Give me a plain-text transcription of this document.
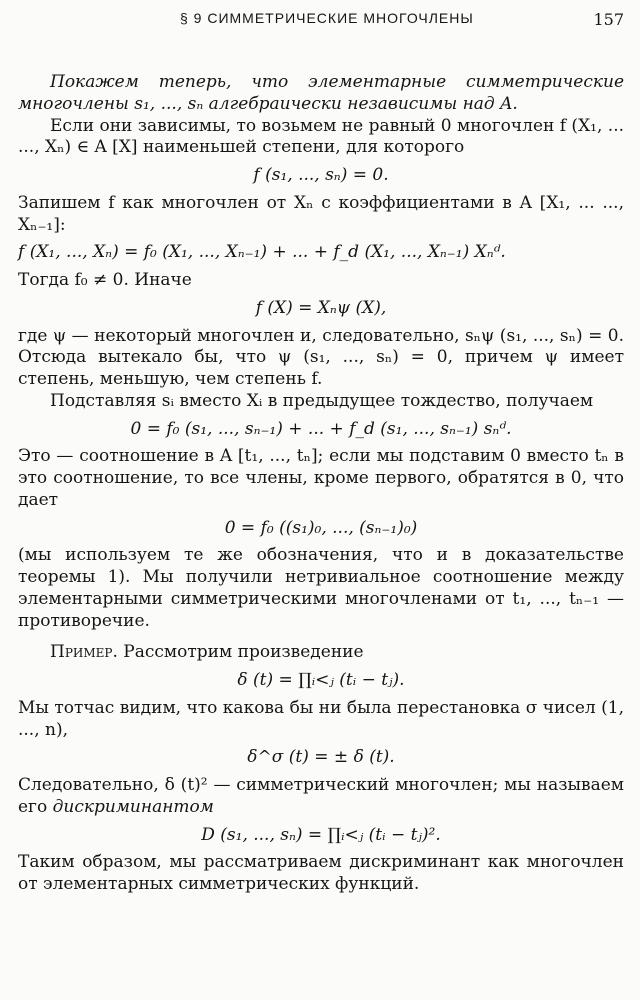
§ 9 СИММЕТРИЧЕСКИЕ МНОГОЧЛЕНЫ	157

Покажем теперь, что элементарные симметрические многочлены s₁, ..., sₙ алгебраически независимы над A.

Если они зависимы, то возьмем не равный 0 многочлен f (X₁, ... ..., Xₙ) ∈ A [X] наименьшей степени, для которого

f (s₁, ..., sₙ) = 0.

Запишем f как многочлен от Xₙ с коэффициентами в A [X₁, ... ..., Xₙ₋₁]:

f (X₁, ..., Xₙ) = f₀ (X₁, ..., Xₙ₋₁) + ... + f_d (X₁, ..., Xₙ₋₁) Xₙᵈ.

Тогда f₀ ≠ 0. Иначе

f (X) = Xₙψ (X),

где ψ — некоторый многочлен и, следовательно, sₙψ (s₁, ..., sₙ) = 0. Отсюда вытекало бы, что ψ (s₁, ..., sₙ) = 0, причем ψ имеет степень, меньшую, чем степень f.

Подставляя sᵢ вместо Xᵢ в предыдущее тождество, получаем

0 = f₀ (s₁, ..., sₙ₋₁) + ... + f_d (s₁, ..., sₙ₋₁) sₙᵈ.

Это — соотношение в A [t₁, ..., tₙ]; если мы подставим 0 вместо tₙ в это соотношение, то все члены, кроме первого, обратятся в 0, что дает

0 = f₀ ((s₁)₀, ..., (sₙ₋₁)₀)

(мы используем те же обозначения, что и в доказательстве теоремы 1). Мы получили нетривиальное соотношение между элементарными симметрическими многочленами от t₁, ..., tₙ₋₁ — противоречие.

Пример. Рассмотрим произведение

δ (t) = ∏ᵢ<ⱼ (tᵢ − tⱼ).

Мы тотчас видим, что какова бы ни была перестановка σ чисел (1, ..., n),

δ^σ (t) = ± δ (t).

Следовательно, δ (t)² — симметрический многочлен; мы называем его дискриминантом

D (s₁, ..., sₙ) = ∏ᵢ<ⱼ (tᵢ − tⱼ)².

Таким образом, мы рассматриваем дискриминант как многочлен от элементарных симметрических функций.
